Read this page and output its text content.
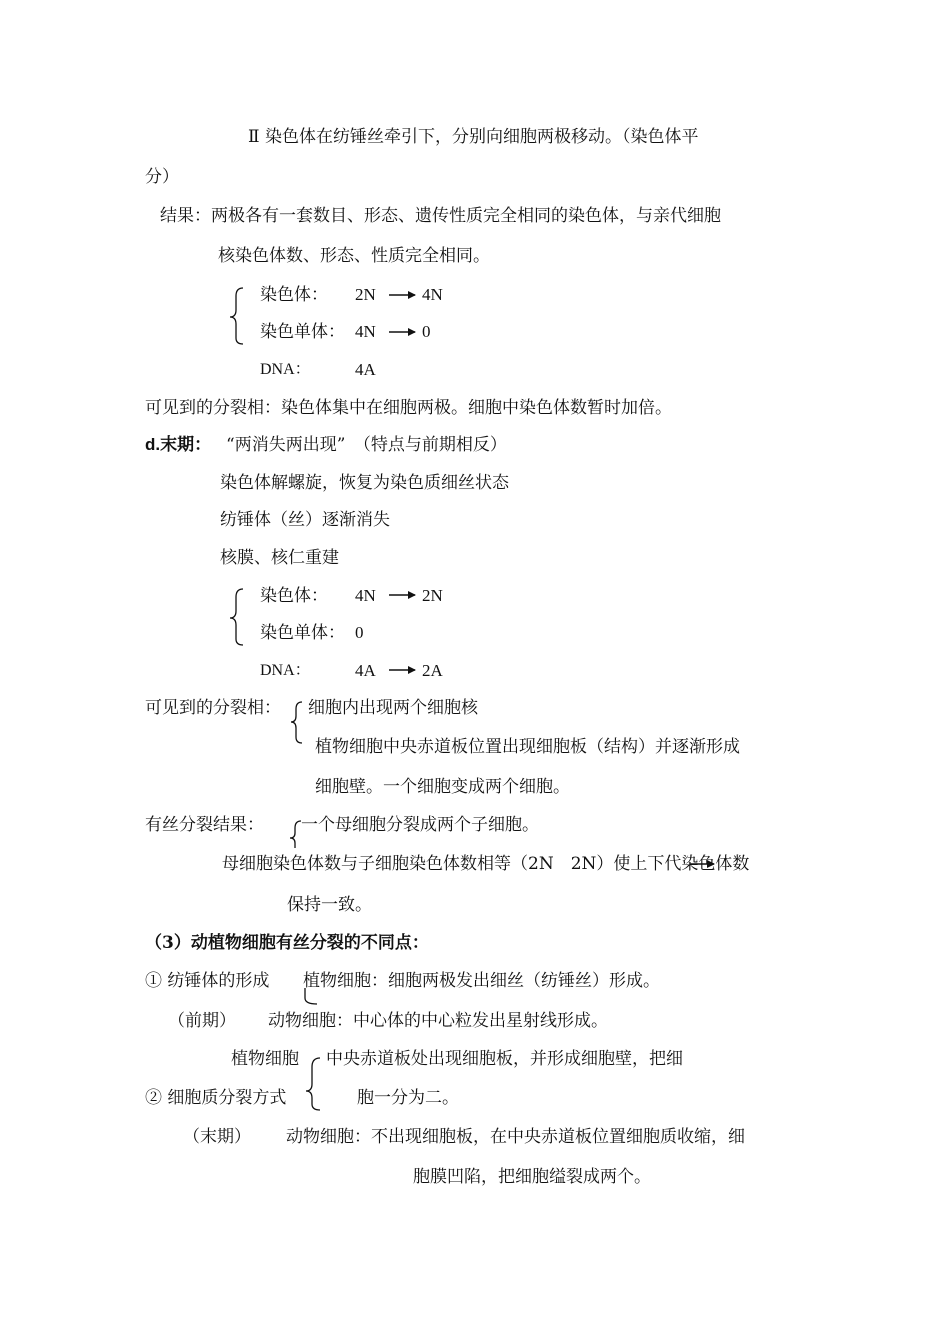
Ⅱ 染色体在纺锤丝牵引下，分别向细胞两极移动。（染色体平
分）
结果：两极各有一套数目、形态、遗传性质完全相同的染色体，与亲代细胞
核染色体数、形态、性质完全相同。
染色体： 2N	4N
染色单体： 4N	0
DNA：	4A
可见到的分裂相：染色体集中在细胞两极。细胞中染色体数暂时加倍。
d.末期： “两消失两出现”　（特点与前期相反）
染色体解螺旋，恢复为染色质细丝状态
纺锤体（丝）逐渐消失
核膜、核仁重建
染色体： 4N	2N
染色单体： 0
DNA：	4A	2A
可见到的分裂相： 细胞内出现两个细胞核
植物细胞中央赤道板位置出现细胞板（结构）并逐渐形成
细胞壁。一个细胞变成两个细胞。
有丝分裂结果： 一个母细胞分裂成两个子细胞。
母细胞染色体数与子细胞染色体数相等（2N　2N）使上下代染色体数
保持一致。
（3）动植物细胞有丝分裂的不同点：
① 纺锤体的形成 植物细胞：细胞两极发出细丝（纺锤丝）形成。
（前期） 动物细胞：中心体的中心粒发出星射线形成。
植物细胞 中央赤道板处出现细胞板，并形成细胞壁，把细
② 细胞质分裂方式	胞一分为二。
（末期） 动物细胞：不出现细胞板，在中央赤道板位置细胞质收缩，细
胞膜凹陷，把细胞缢裂成两个。
